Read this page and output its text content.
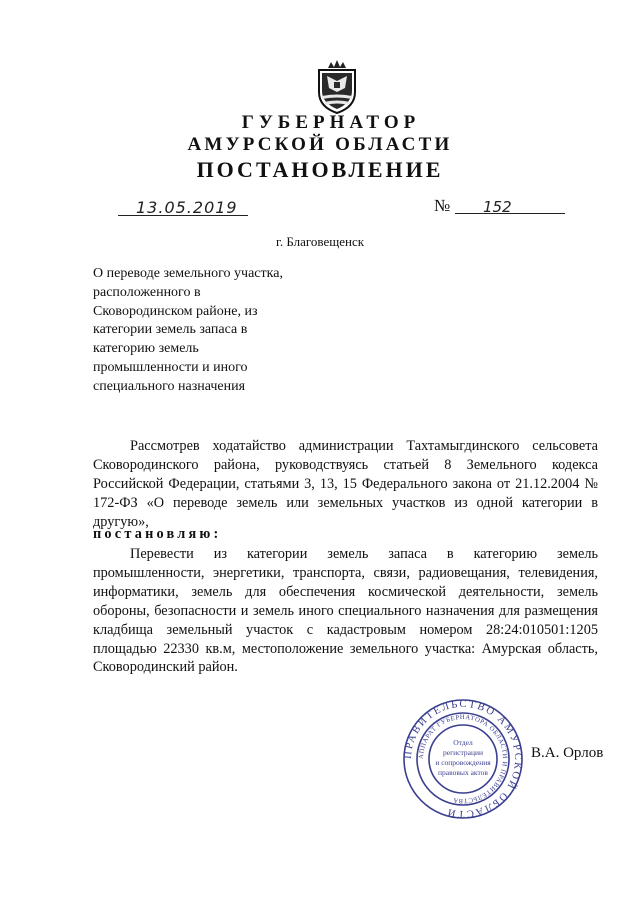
ГУБЕРНАТОР
АМУРСКОЙ ОБЛАСТИ
ПОСТАНОВЛЕНИЕ
13.05.2019	№ 152
г. Благовещенск
О переводе земельного участка,
расположенного в
Сковородинском районе, из
категории земель запаса в
категорию земель
промышленности и иного
специального назначения
Рассмотрев ходатайство администрации Тахтамыгдинского сельсовета Сковородинского района, руководствуясь статьей 8 Земельного кодекса Российской Федерации, статьями 3, 13, 15 Федерального закона от 21.12.2004 № 172-ФЗ «О переводе земель или земельных участков из одной категории в другую»,
постановляю:
Перевести из категории земель запаса в категорию земель промышленности, энергетики, транспорта, связи, радиовещания, телевидения, информатики, земель для обеспечения космической деятельности, земель обороны, безопасности и земель иного специального назначения для размещения кладбища земельный участок с кадастровым номером 28:24:010501:1205 площадью 22330 кв.м, местоположение земельного участка: Амурская область, Сковородинский район.
ПРАВИТЕЛЬСТВО АМУРСКОЙ ОБЛАСТИ
АППАРАТ ГУБЕРНАТОРА ОБЛАСТИ И ПРАВИТЕЛЬСТВА
Отдел
регистрации
и сопровождения
правовых актов
В.А. Орлов
